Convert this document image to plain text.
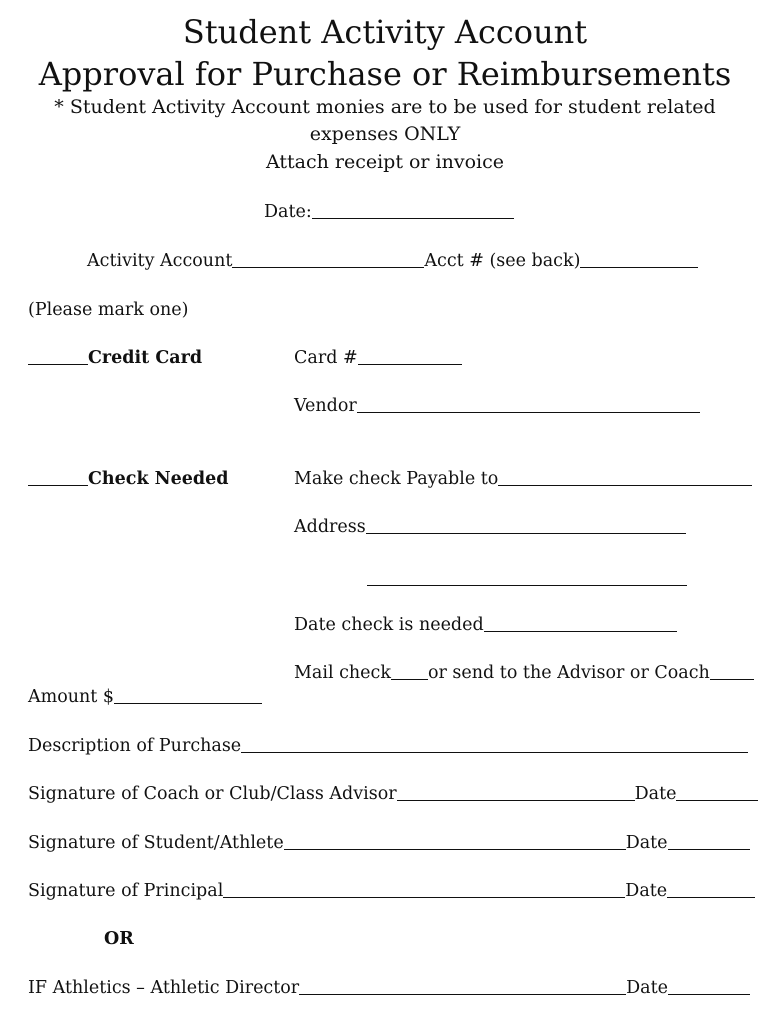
Student Activity Account
Approval for Purchase or Reimbursements
* Student Activity Account monies are to be used for student related
expenses ONLY
Attach receipt or invoice
Date:
Activity Account	Acct # (see back)
(Please mark one)
Credit Card	Card #
Vendor
Check Needed	Make check Payable to
Address
Date check is needed
Mail check or send to the Advisor or Coach
Amount $
Description of Purchase
Signature of Coach or Club/Class Advisor	Date
Signature of Student/Athlete	Date
Signature of Principal	Date
OR
IF Athletics – Athletic Director	Date
